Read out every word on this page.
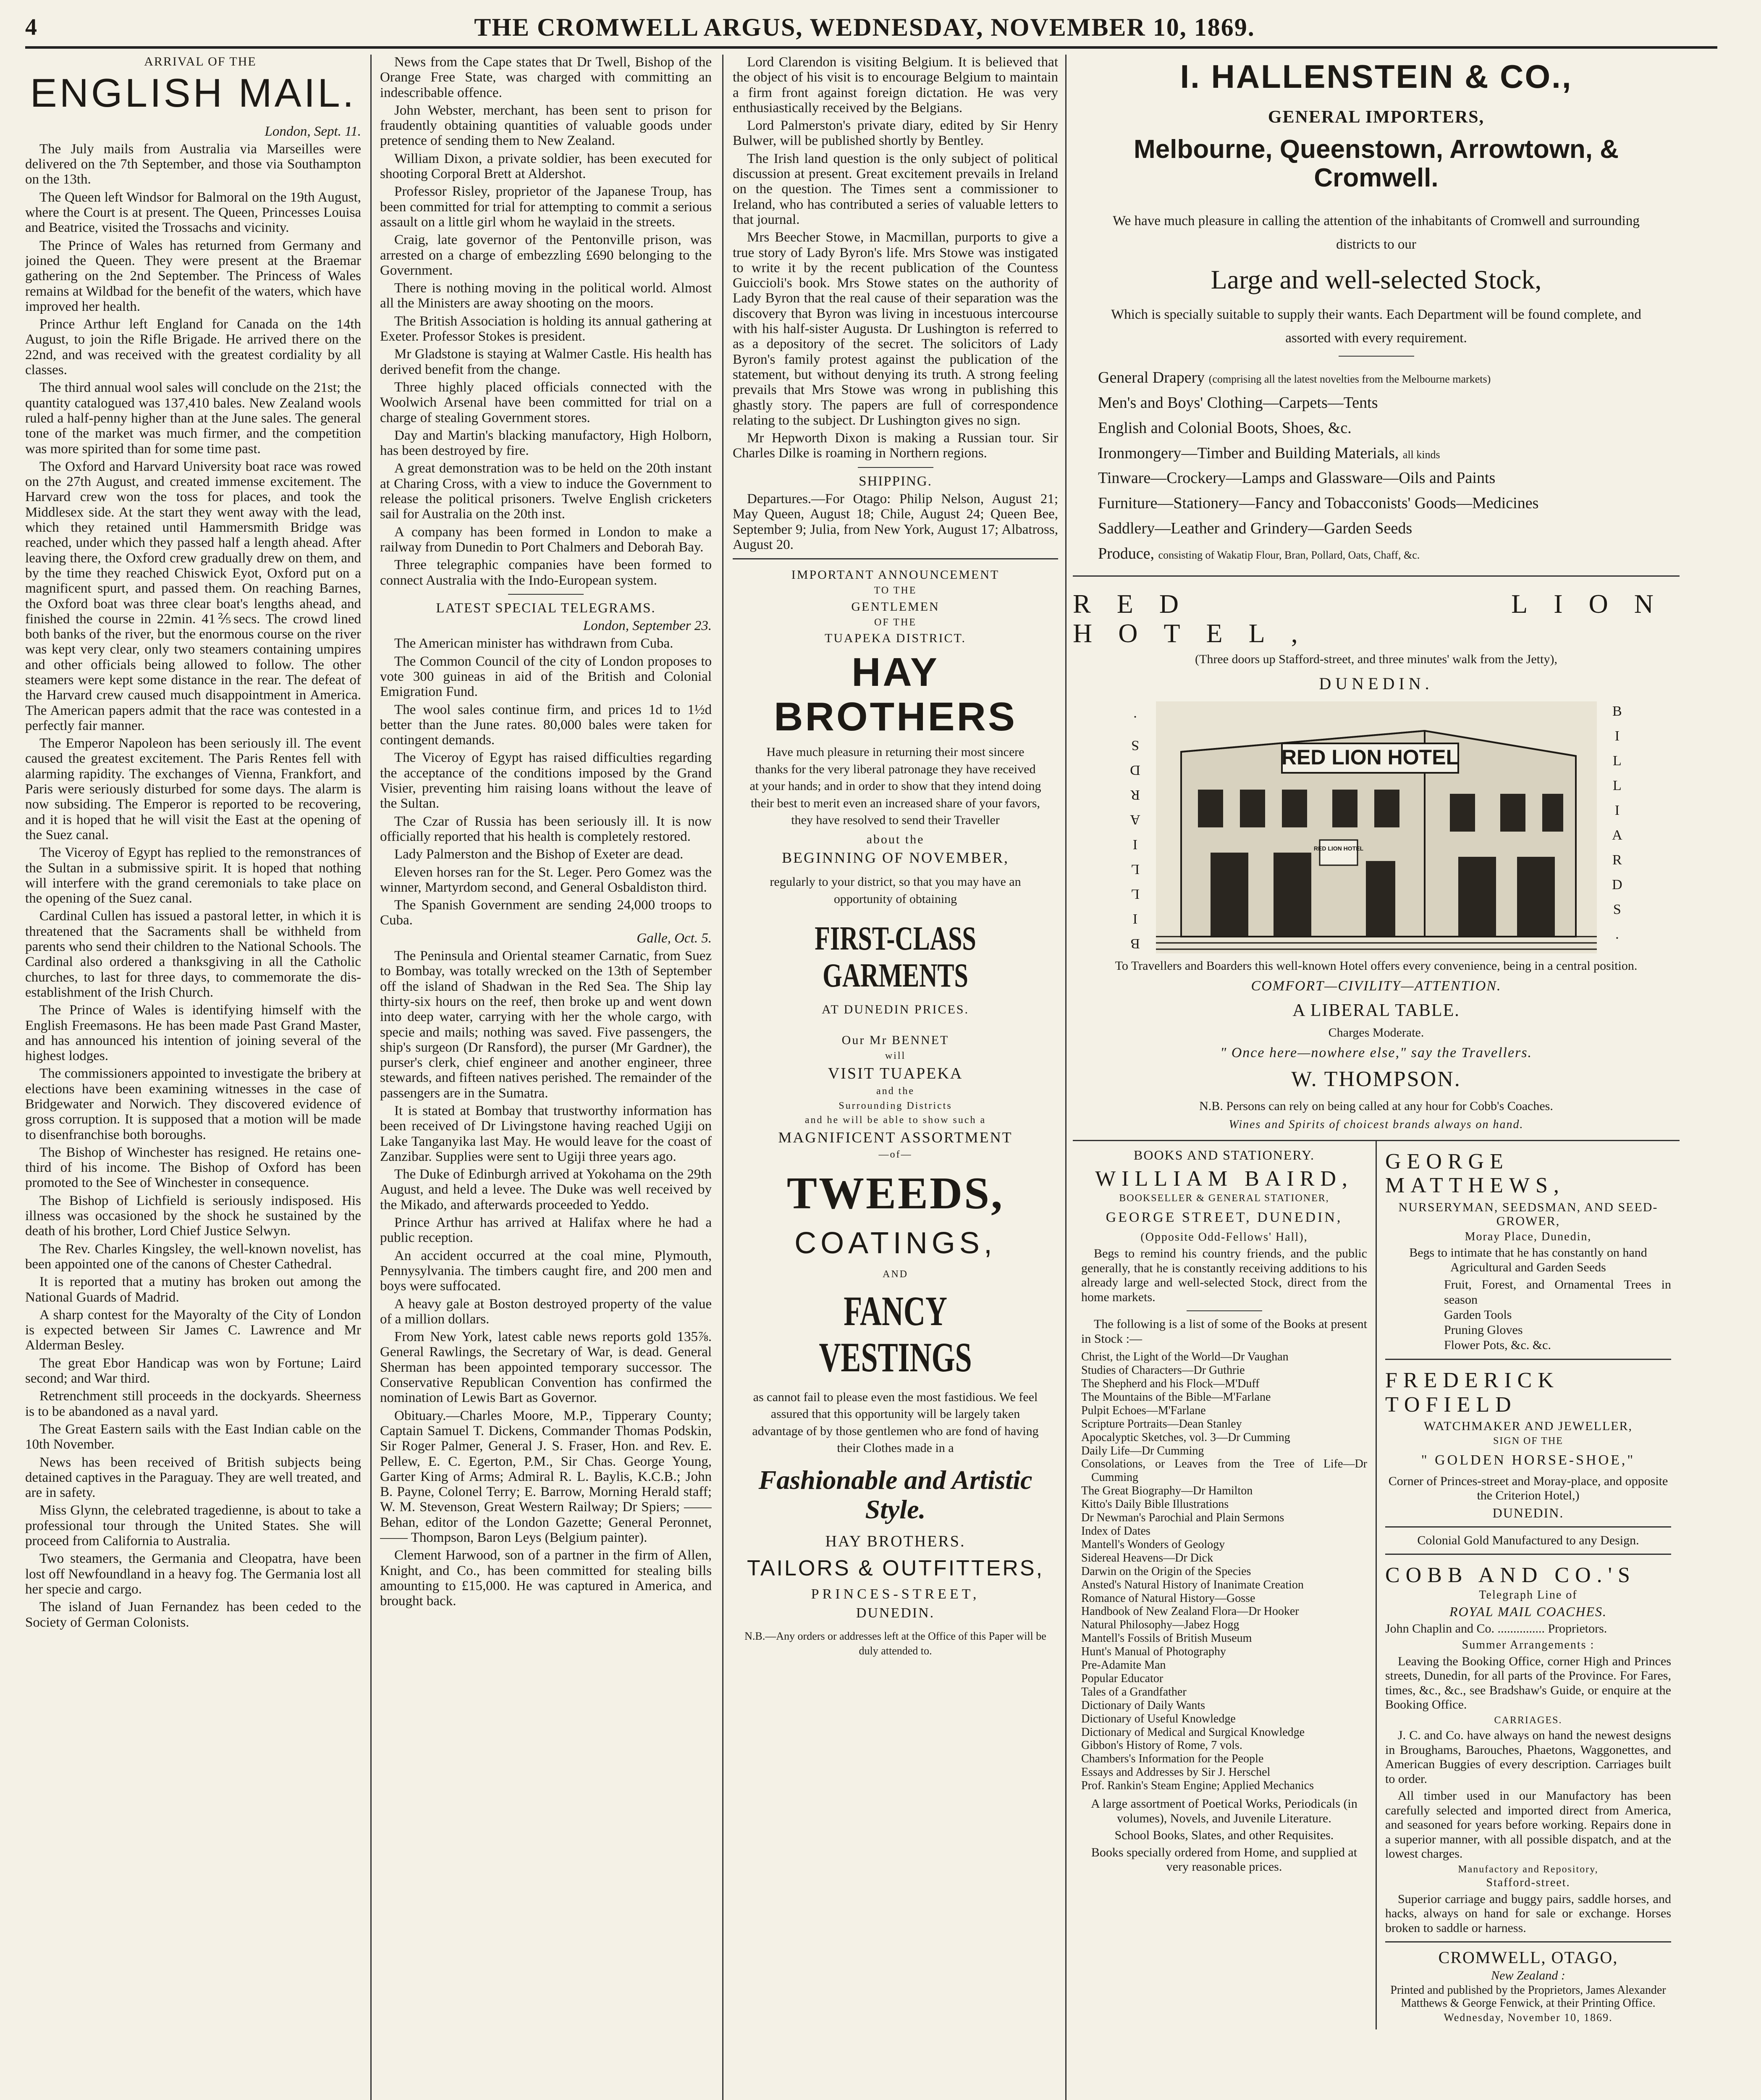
4	THE CROMWELL ARGUS, WEDNESDAY, NOVEMBER 10, 1869.

ARRIVAL OF THE

ENGLISH MAIL.

London, Sept. 11.

The July mails from Australia via Marseilles were delivered on the 7th September, and those via Southampton on the 13th.

The Queen left Windsor for Balmoral on the 19th August, where the Court is at present. The Queen, Princesses Louisa and Beatrice, visited the Trossachs and vicinity.

The Prince of Wales has returned from Germany and joined the Queen. They were present at the Braemar gathering on the 2nd September. The Princess of Wales remains at Wildbad for the benefit of the waters, which have improved her health.

Prince Arthur left England for Canada on the 14th August, to join the Rifle Brigade. He arrived there on the 22nd, and was received with the greatest cordiality by all classes.

The third annual wool sales will conclude on the 21st; the quantity catalogued was 137,410 bales. New Zealand wools ruled a half-penny higher than at the June sales. The general tone of the market was much firmer, and the competition was more spirited than for some time past.

The Oxford and Harvard University boat race was rowed on the 27th August, and created immense excitement. The Harvard crew won the toss for places, and took the Middlesex side. At the start they went away with the lead, which they retained until Hammersmith Bridge was reached, under which they passed half a length ahead. After leaving there, the Oxford crew gradually drew on them, and by the time they reached Chiswick Eyot, Oxford put on a magnificent spurt, and passed them. On reaching Barnes, the Oxford boat was three clear boat's lengths ahead, and finished the course in 22min. 41⅖secs. The crowd lined both banks of the river, but the enormous course on the river was kept very clear, only two steamers containing umpires and other officials being allowed to follow. The other steamers were kept some distance in the rear. The defeat of the Harvard crew caused much disappointment in America. The American papers admit that the race was contested in a perfectly fair manner.

The Emperor Napoleon has been seriously ill. The event caused the greatest excitement. The Paris Rentes fell with alarming rapidity. The exchanges of Vienna, Frankfort, and Paris were seriously disturbed for some days. The alarm is now subsiding. The Emperor is reported to be recovering, and it is hoped that he will visit the East at the opening of the Suez canal.

The Viceroy of Egypt has replied to the remonstrances of the Sultan in a submissive spirit. It is hoped that nothing will interfere with the grand ceremonials to take place on the opening of the Suez canal.

Cardinal Cullen has issued a pastoral letter, in which it is threatened that the Sacraments shall be withheld from parents who send their children to the National Schools. The Cardinal also ordered a thanksgiving in all the Catholic churches, to last for three days, to commemorate the dis-establishment of the Irish Church.

The Prince of Wales is identifying himself with the English Freemasons. He has been made Past Grand Master, and has announced his intention of joining several of the highest lodges.

The commissioners appointed to investigate the bribery at elections have been examining witnesses in the case of Bridgewater and Norwich. They discovered evidence of gross corruption. It is supposed that a motion will be made to disenfranchise both boroughs.

The Bishop of Winchester has resigned. He retains one-third of his income. The Bishop of Oxford has been promoted to the See of Winchester in consequence.

The Bishop of Lichfield is seriously indisposed. His illness was occasioned by the shock he sustained by the death of his brother, Lord Chief Justice Selwyn.

The Rev. Charles Kingsley, the well-known novelist, has been appointed one of the canons of Chester Cathedral.

It is reported that a mutiny has broken out among the National Guards of Madrid.

A sharp contest for the Mayoralty of the City of London is expected between Sir James C. Lawrence and Mr Alderman Besley.

The great Ebor Handicap was won by Fortune; Laird second; and War third.

Retrenchment still proceeds in the dockyards. Sheerness is to be abandoned as a naval yard.

The Great Eastern sails with the East Indian cable on the 10th November.

News has been received of British subjects being detained captives in the Paraguay. They are well treated, and are in safety.

Miss Glynn, the celebrated tragedienne, is about to take a professional tour through the United States. She will proceed from California to Australia.

Two steamers, the Germania and Cleopatra, have been lost off Newfoundland in a heavy fog. The Germania lost all her specie and cargo.

The island of Juan Fernandez has been ceded to the Society of German Colonists.

News from the Cape states that Dr Twell, Bishop of the Orange Free State, was charged with committing an indescribable offence.

John Webster, merchant, has been sent to prison for fraudently obtaining quantities of valuable goods under pretence of sending them to New Zealand.

William Dixon, a private soldier, has been executed for shooting Corporal Brett at Aldershot.

Professor Risley, proprietor of the Japanese Troup, has been committed for trial for attempting to commit a serious assault on a little girl whom he waylaid in the streets.

Craig, late governor of the Pentonville prison, was arrested on a charge of embezzling £690 belonging to the Government.

There is nothing moving in the political world. Almost all the Ministers are away shooting on the moors.

The British Association is holding its annual gathering at Exeter. Professor Stokes is president.

Mr Gladstone is staying at Walmer Castle. His health has derived benefit from the change.

Three highly placed officials connected with the Woolwich Arsenal have been committed for trial on a charge of stealing Government stores.

Day and Martin's blacking manufactory, High Holborn, has been destroyed by fire.

A great demonstration was to be held on the 20th instant at Charing Cross, with a view to induce the Government to release the political prisoners. Twelve English cricketers sail for Australia on the 20th inst.

A company has been formed in London to make a railway from Dunedin to Port Chalmers and Deborah Bay.

Three telegraphic companies have been formed to connect Australia with the Indo-European system.

LATEST SPECIAL TELEGRAMS.

London, September 23.

The American minister has withdrawn from Cuba.

The Common Council of the city of London proposes to vote 300 guineas in aid of the British and Colonial Emigration Fund.

The wool sales continue firm, and prices 1d to 1½d better than the June rates. 80,000 bales were taken for contingent demands.

The Viceroy of Egypt has raised difficulties regarding the acceptance of the conditions imposed by the Grand Visier, preventing him raising loans without the leave of the Sultan.

The Czar of Russia has been seriously ill. It is now officially reported that his health is completely restored.

Lady Palmerston and the Bishop of Exeter are dead.

Eleven horses ran for the St. Leger. Pero Gomez was the winner, Martyrdom second, and General Osbaldiston third.

The Spanish Government are sending 24,000 troops to Cuba.

Galle, Oct. 5.

The Peninsula and Oriental steamer Carnatic, from Suez to Bombay, was totally wrecked on the 13th of September off the island of Shadwan in the Red Sea. The Ship lay thirty-six hours on the reef, then broke up and went down into deep water, carrying with her the whole cargo, with specie and mails; nothing was saved. Five passengers, the ship's surgeon (Dr Ransford), the purser (Mr Gardner), the purser's clerk, chief engineer and another engineer, three stewards, and fifteen natives perished. The remainder of the passengers are in the Sumatra.

It is stated at Bombay that trustworthy information has been received of Dr Livingstone having reached Ugiji on Lake Tanganyika last May. He would leave for the coast of Zanzibar. Supplies were sent to Ugiji three years ago.

The Duke of Edinburgh arrived at Yokohama on the 29th August, and held a levee. The Duke was well received by the Mikado, and afterwards proceeded to Yeddo.

Prince Arthur has arrived at Halifax where he had a public reception.

An accident occurred at the coal mine, Plymouth, Pennysylvania. The timbers caught fire, and 200 men and boys were suffocated.

A heavy gale at Boston destroyed property of the value of a million dollars.

From New York, latest cable news reports gold 135⅞. General Rawlings, the Secretary of War, is dead. General Sherman has been appointed temporary successor. The Conservative Republican Convention has confirmed the nomination of Lewis Bart as Governor.

Obituary.—Charles Moore, M.P., Tipperary County; Captain Samuel T. Dickens, Commander Thomas Podskin, Sir Roger Palmer, General J. S. Fraser, Hon. and Rev. E. Pellew, E. C. Egerton, P.M., Sir Chas. George Young, Garter King of Arms; Admiral R. L. Baylis, K.C.B.; John B. Payne, Colonel Terry; E. Barrow, Morning Herald staff; W. M. Stevenson, Great Western Railway; Dr Spiers; —— Behan, editor of the London Gazette; General Peronnet, —— Thompson, Baron Leys (Belgium painter).

Clement Harwood, son of a partner in the firm of Allen, Knight, and Co., has been committed for stealing bills amounting to £15,000. He was captured in America, and brought back.

Lord Clarendon is visiting Belgium. It is believed that the object of his visit is to encourage Belgium to maintain a firm front against foreign dictation. He was very enthusiastically received by the Belgians.

Lord Palmerston's private diary, edited by Sir Henry Bulwer, will be published shortly by Bentley.

The Irish land question is the only subject of political discussion at present. Great excitement prevails in Ireland on the question. The Times sent a commissioner to Ireland, who has contributed a series of valuable letters to that journal.

Mrs Beecher Stowe, in Macmillan, purports to give a true story of Lady Byron's life. Mrs Stowe was instigated to write it by the recent publication of the Countess Guiccioli's book. Mrs Stowe states on the authority of Lady Byron that the real cause of their separation was the discovery that Byron was living in incestuous intercourse with his half-sister Augusta. Dr Lushington is referred to as a depository of the secret. The solicitors of Lady Byron's family protest against the publication of the statement, but without denying its truth. A strong feeling prevails that Mrs Stowe was wrong in publishing this ghastly story. The papers are full of correspondence relating to the subject. Dr Lushington gives no sign.

Mr Hepworth Dixon is making a Russian tour. Sir Charles Dilke is roaming in Northern regions.

SHIPPING.

Departures.—For Otago: Philip Nelson, August 21; May Queen, August 18; Chile, August 24; Queen Bee, September 9; Julia, from New York, August 17; Albatross, August 20.

IMPORTANT ANNOUNCEMENT
TO THE
GENTLEMEN
OF THE
TUAPEKA DISTRICT.
HAY BROTHERS
Have much pleasure in returning their most sincere thanks for the very liberal patronage they have received at your hands; and in order to show that they intend doing their best to merit even an increased share of your favors, they have resolved to send their Traveller
about the
BEGINNING OF NOVEMBER,
regularly to your district, so that you may have an opportunity of obtaining
FIRST-CLASS GARMENTS
AT DUNEDIN PRICES.
Our Mr BENNET
will
VISIT TUAPEKA
and the
Surrounding Districts
and he will be able to show such a
MAGNIFICENT ASSORTMENT
—of—
TWEEDS,
COATINGS,
AND
FANCY VESTINGS
as cannot fail to please even the most fastidious. We feel assured that this opportunity will be largely taken advantage of by those gentlemen who are fond of having their Clothes made in a
Fashionable and Artistic Style.
HAY BROTHERS.
TAILORS & OUTFITTERS,
PRINCES-STREET,
DUNEDIN.
N.B.—Any orders or addresses left at the Office of this Paper will be duly attended to.
I. HALLENSTEIN & CO.,
GENERAL IMPORTERS,
Melbourne, Queenstown, Arrowtown, & Cromwell.
We have much pleasure in calling the attention of the inhabitants of Cromwell and surrounding districts to our
Large and well-selected Stock,
Which is specially suitable to supply their wants. Each Department will be found complete, and assorted with every requirement.
General Drapery (comprising all the latest novelties from the Melbourne markets)
Men's and Boys' Clothing—Carpets—Tents
English and Colonial Boots, Shoes, &c.
Ironmongery—Timber and Building Materials, all kinds
Tinware—Crockery—Lamps and Glassware—Oils and Paints
Furniture—Stationery—Fancy and Tobacconists' Goods—Medicines
Saddlery—Leather and Grindery—Garden Seeds
Produce, consisting of Wakatip Flour, Bran, Pollard, Oats, Chaff, &c.
RED LION HOTEL,
(Three doors up Stafford-street, and three minutes' walk from the Jetty),
DUNEDIN.
BILLIARDS.	RED LION HOTEL
RED LION HOTEL	BILLIARDS.
To Travellers and Boarders this well-known Hotel offers every convenience, being in a central position.
COMFORT—CIVILITY—ATTENTION.
A LIBERAL TABLE.
Charges Moderate.
" Once here—nowhere else," say the Travellers.
W. THOMPSON.
N.B. Persons can rely on being called at any hour for Cobb's Coaches.
Wines and Spirits of choicest brands always on hand.
BOOKS AND STATIONERY.
WILLIAM BAIRD,
BOOKSELLER & GENERAL STATIONER,
GEORGE STREET, DUNEDIN,
(Opposite Odd-Fellows' Hall),

Begs to remind his country friends, and the public generally, that he is constantly receiving additions to his already large and well-selected Stock, direct from the home markets.

The following is a list of some of the Books at present in Stock :—

Christ, the Light of the World—Dr Vaughan
Studies of Characters—Dr Guthrie
The Shepherd and his Flock—M'Duff
The Mountains of the Bible—M'Farlane
Pulpit Echoes—M'Farlane
Scripture Portraits—Dean Stanley
Apocalyptic Sketches, vol. 3—Dr Cumming
Daily Life—Dr Cumming
Consolations, or Leaves from the Tree of Life—Dr Cumming
The Great Biography—Dr Hamilton
Kitto's Daily Bible Illustrations
Dr Newman's Parochial and Plain Sermons
Index of Dates
Mantell's Wonders of Geology
Sidereal Heavens—Dr Dick
Darwin on the Origin of the Species
Ansted's Natural History of Inanimate Creation
Romance of Natural History—Gosse
Handbook of New Zealand Flora—Dr Hooker
Natural Philosophy—Jabez Hogg
Mantell's Fossils of British Museum
Hunt's Manual of Photography
Pre-Adamite Man
Popular Educator
Tales of a Grandfather
Dictionary of Daily Wants
Dictionary of Useful Knowledge
Dictionary of Medical and Surgical Knowledge
Gibbon's History of Rome, 7 vols.
Chambers's Information for the People
Essays and Addresses by Sir J. Herschel
Prof. Rankin's Steam Engine; Applied Mechanics

A large assortment of Poetical Works, Periodicals (in volumes), Novels, and Juvenile Literature.

School Books, Slates, and other Requisites.

Books specially ordered from Home, and supplied at very reasonable prices.

GEORGE MATTHEWS,
NURSERYMAN, SEEDSMAN, AND SEED-GROWER,
Moray Place, Dunedin,

Begs to intimate that he has constantly on hand Agricultural and Garden Seeds

Fruit, Forest, and Ornamental Trees in season
Garden Tools
Pruning Gloves
Flower Pots, &c. &c.
FREDERICK TOFIELD
WATCHMAKER AND JEWELLER,
SIGN OF THE
" GOLDEN HORSE-SHOE,"

Corner of Princes-street and Moray-place, and opposite the Criterion Hotel,)

DUNEDIN.

Colonial Gold Manufactured to any Design.

COBB AND CO.'S
Telegraph Line of
ROYAL MAIL COACHES.

John Chaplin and Co. ............... Proprietors.

Summer Arrangements :

Leaving the Booking Office, corner High and Princes streets, Dunedin, for all parts of the Province. For Fares, times, &c., &c., see Bradshaw's Guide, or enquire at the Booking Office.

CARRIAGES.

J. C. and Co. have always on hand the newest designs in Broughams, Barouches, Phaetons, Waggonettes, and American Buggies of every description. Carriages built to order.

All timber used in our Manufactory has been carefully selected and imported direct from America, and seasoned for years before working. Repairs done in a superior manner, with all possible dispatch, and at the lowest charges.

Manufactory and Repository,
Stafford-street.

Superior carriage and buggy pairs, saddle horses, and hacks, always on hand for sale or exchange. Horses broken to saddle or harness.

CROMWELL, OTAGO,
New Zealand :
Printed and published by the Proprietors, James Alexander Matthews & George Fenwick, at their Printing Office.
Wednesday, November 10, 1869.
